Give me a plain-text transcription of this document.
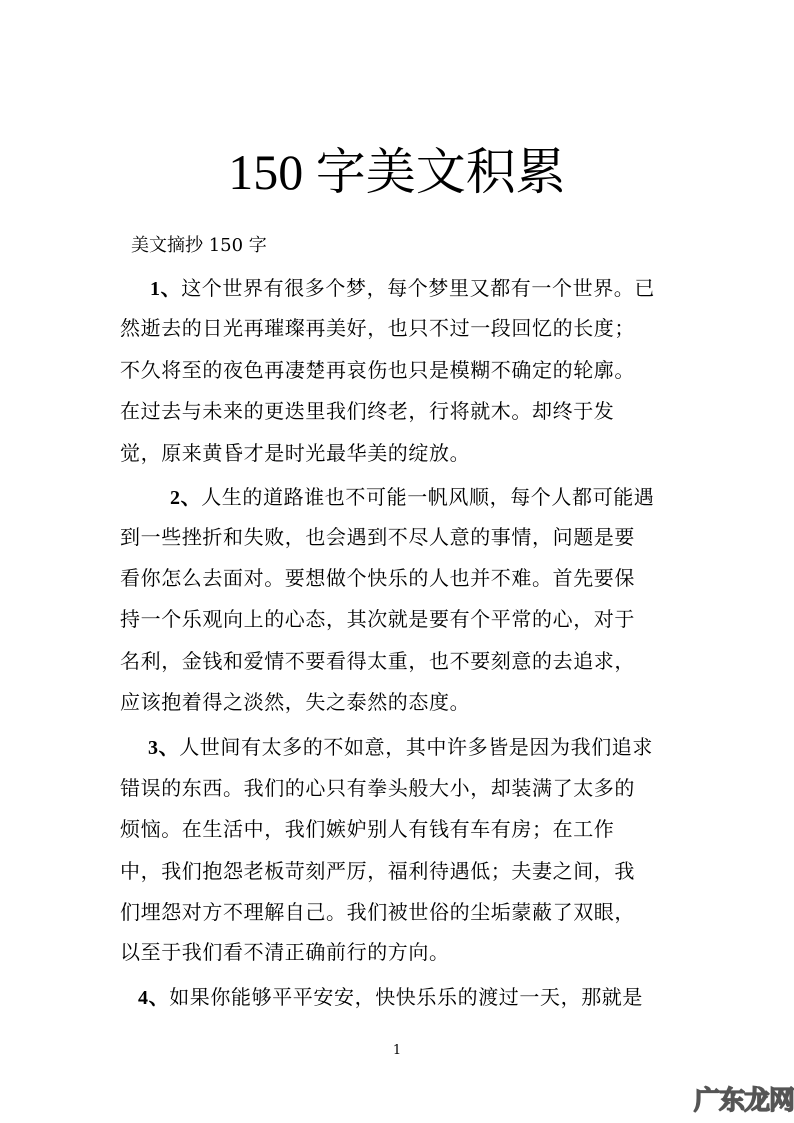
150 字美文积累
美文摘抄 150 字
1、这个世界有很多个梦，每个梦里又都有一个世界。已
然逝去的日光再璀璨再美好，也只不过一段回忆的长度；
不久将至的夜色再凄楚再哀伤也只是模糊不确定的轮廓。
在过去与未来的更迭里我们终老，行将就木。却终于发
觉，原来黄昏才是时光最华美的绽放。
2、人生的道路谁也不可能一帆风顺，每个人都可能遇
到一些挫折和失败，也会遇到不尽人意的事情，问题是要
看你怎么去面对。要想做个快乐的人也并不难。首先要保
持一个乐观向上的心态，其次就是要有个平常的心，对于
名利，金钱和爱情不要看得太重，也不要刻意的去追求，
应该抱着得之淡然，失之泰然的态度。
3、人世间有太多的不如意，其中许多皆是因为我们追求
错误的东西。我们的心只有拳头般大小，却装满了太多的
烦恼。在生活中，我们嫉妒别人有钱有车有房；在工作
中，我们抱怨老板苛刻严厉，福利待遇低；夫妻之间，我
们埋怨对方不理解自己。我们被世俗的尘垢蒙蔽了双眼，
以至于我们看不清正确前行的方向。
4、如果你能够平平安安，快快乐乐的渡过一天，那就是
1
广东龙网
